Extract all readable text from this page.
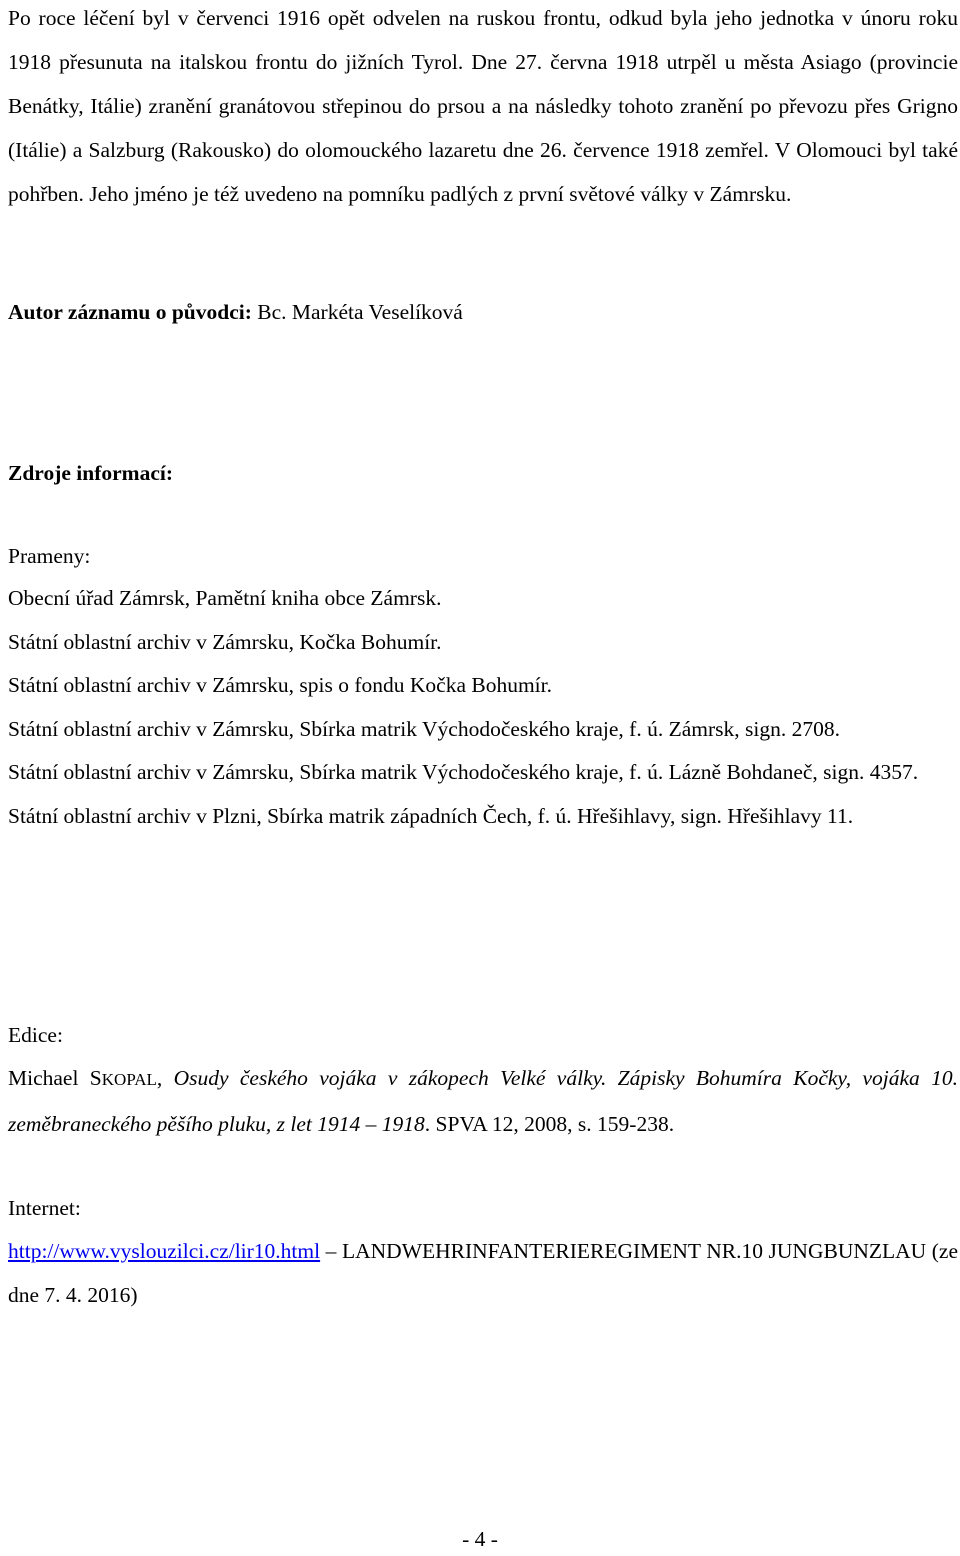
Po roce léčení byl v červenci 1916 opět odvelen na ruskou frontu, odkud byla jeho jednotka v únoru roku 1918 přesunuta na italskou frontu do jižních Tyrol. Dne 27. června 1918 utrpěl u města Asiago (provincie Benátky, Itálie) zranění granátovou střepinou do prsou a na následky tohoto zranění po převozu přes Grigno (Itálie) a Salzburg (Rakousko) do olomouckého lazaretu dne 26. července 1918 zemřel. V Olomouci byl také pohřben. Jeho jméno je též uvedeno na pomníku padlých z první světové války v Zámrsku.

Autor záznamu o původci: Bc. Markéta Veselíková

Zdroje informací:

Prameny:

Obecní úřad Zámrsk, Pamětní kniha obce Zámrsk.

Státní oblastní archiv v Zámrsku, Kočka Bohumír.

Státní oblastní archiv v Zámrsku, spis o fondu Kočka Bohumír.

Státní oblastní archiv v Zámrsku, Sbírka matrik Východočeského kraje, f. ú. Zámrsk, sign. 2708.

Státní oblastní archiv v Zámrsku, Sbírka matrik Východočeského kraje, f. ú. Lázně Bohdaneč, sign. 4357.

Státní oblastní archiv v Plzni, Sbírka matrik západních Čech, f. ú. Hřešihlavy, sign. Hřešihlavy 11.

Edice:

Michael SKOPAL, Osudy českého vojáka v zákopech Velké války. Zápisky Bohumíra Kočky, vojáka 10. zeměbraneckého pěšího pluku, z let 1914 – 1918. SPVA 12, 2008, s. 159-238.

Internet:

http://www.vyslouzilci.cz/lir10.html – LANDWEHRINFANTERIEREGIMENT NR.10 JUNGBUNZLAU (ze dne 7. 4. 2016)

- 4 -
